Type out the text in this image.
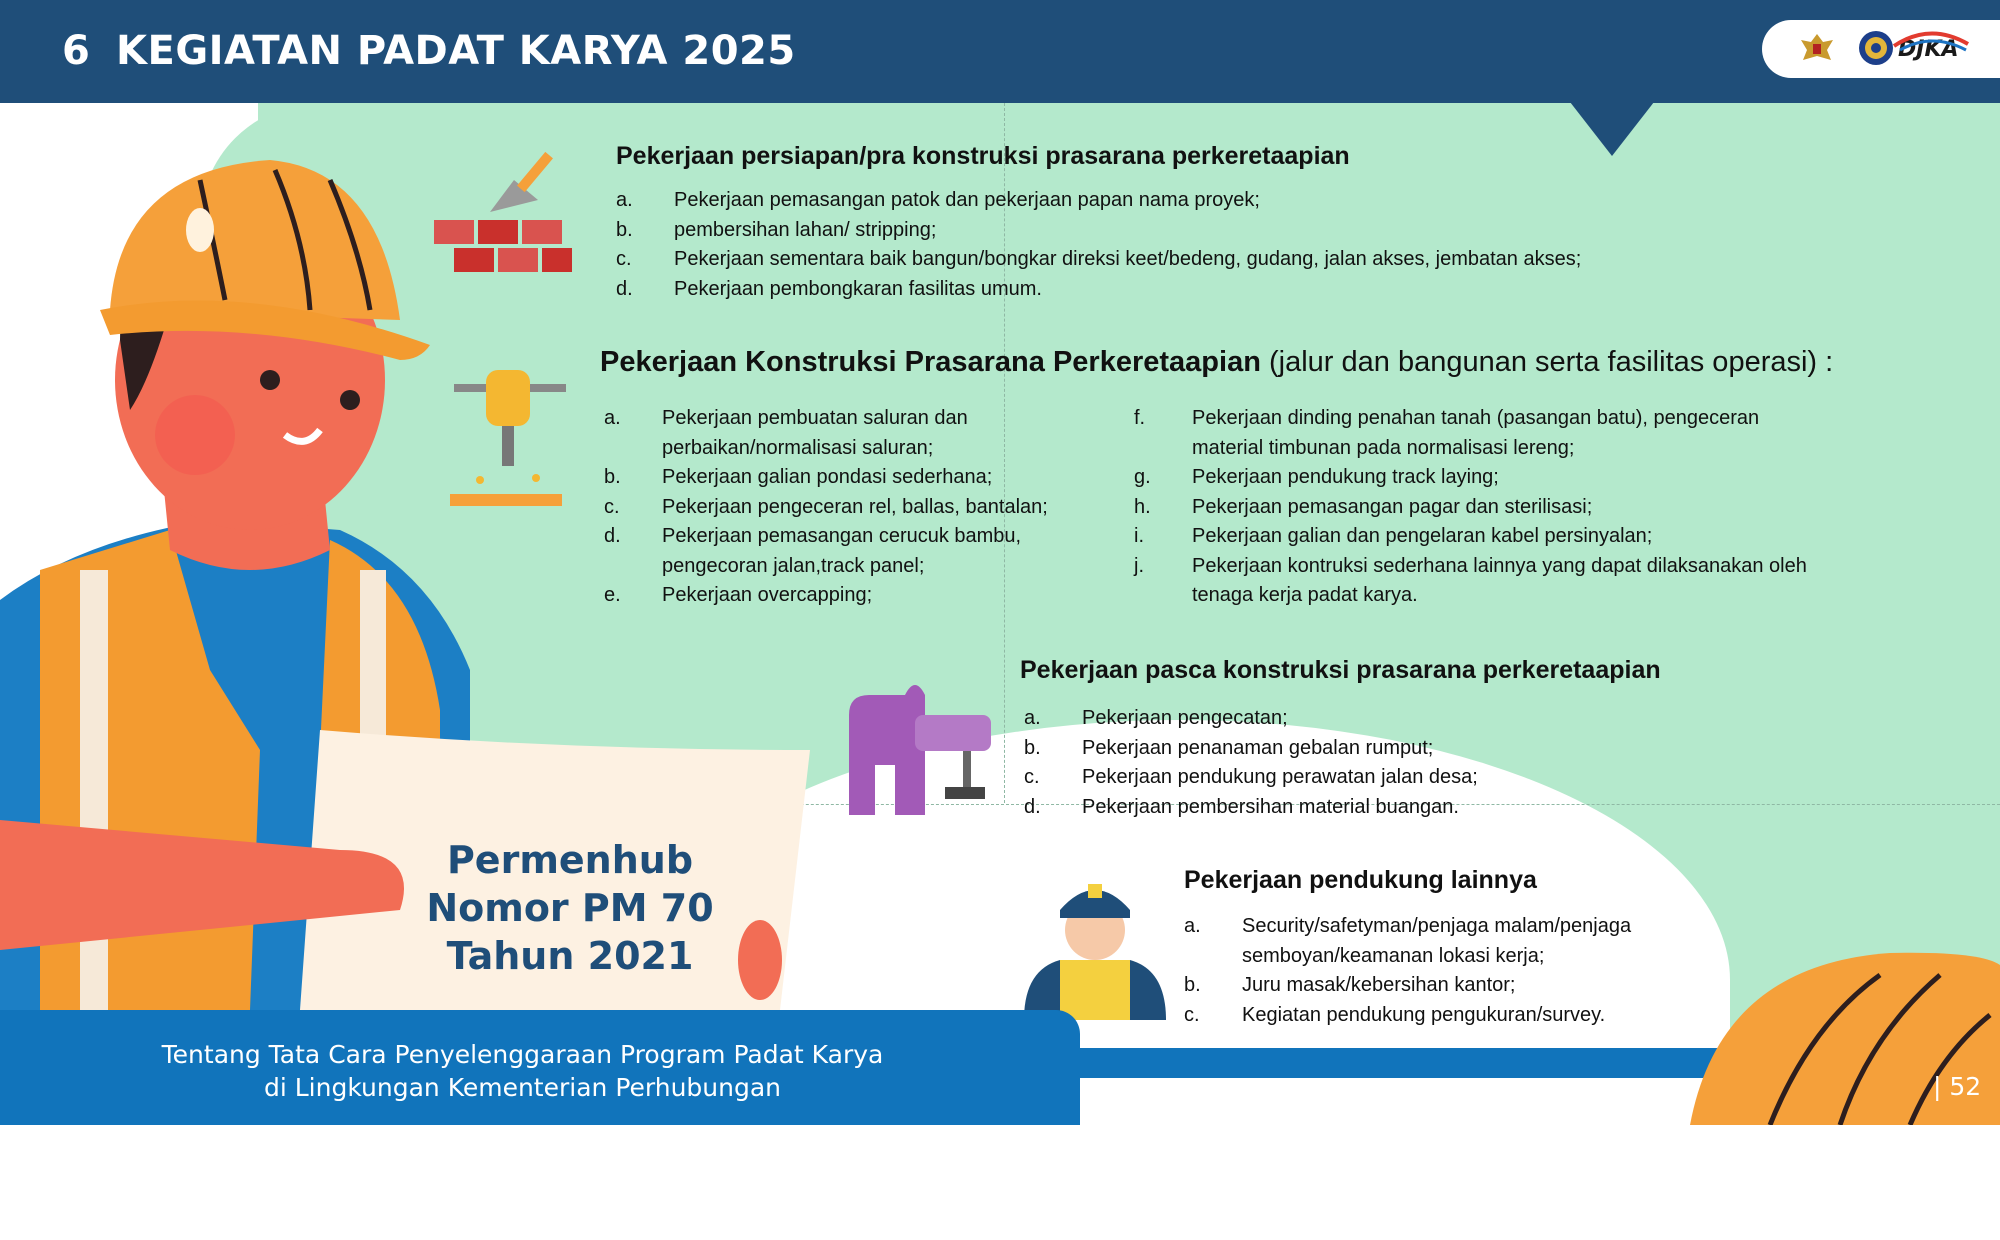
6 KEGIATAN PADAT KARYA 2025	DJKA
Pekerjaan persiapan/pra konstruksi prasarana perkeretaapian
a.	Pekerjaan pemasangan patok dan pekerjaan papan nama proyek;
b.	pembersihan lahan/ stripping;
c.	Pekerjaan sementara baik bangun/bongkar direksi keet/bedeng, gudang, jalan akses, jembatan akses;
d.	Pekerjaan pembongkaran fasilitas umum.
Pekerjaan Konstruksi Prasarana Perkeretaapian (jalur dan bangunan serta fasilitas operasi) :
a.	Pekerjaan pembuatan saluran dan perbaikan/normalisasi saluran;
b.	Pekerjaan galian pondasi sederhana;
c.	Pekerjaan pengeceran rel, ballas, bantalan;
d.	Pekerjaan pemasangan cerucuk bambu, pengecoran jalan,track panel;
e.	Pekerjaan overcapping;
f.	Pekerjaan dinding penahan tanah (pasangan batu), pengeceran material timbunan pada normalisasi lereng;
g.	Pekerjaan pendukung track laying;
h.	Pekerjaan pemasangan pagar dan sterilisasi;
i.	Pekerjaan galian dan pengelaran kabel persinyalan;
j.	Pekerjaan kontruksi sederhana lainnya yang dapat dilaksanakan oleh tenaga kerja padat karya.
Pekerjaan pasca konstruksi prasarana perkeretaapian
a.	Pekerjaan pengecatan;
b.	Pekerjaan penanaman gebalan rumput;
c.	Pekerjaan pendukung perawatan jalan desa;
d.	Pekerjaan pembersihan material buangan.
Pekerjaan pendukung lainnya
a.	Security/safetyman/penjaga malam/penjaga semboyan/keamanan lokasi kerja;
b.	Juru masak/kebersihan kantor;
c.	Kegiatan pendukung pengukuran/survey.
Permenhub
Nomor PM 70
Tahun 2021
Tentang Tata Cara Penyelenggaraan Program Padat Karya
di Lingkungan Kementerian Perhubungan	| 52
